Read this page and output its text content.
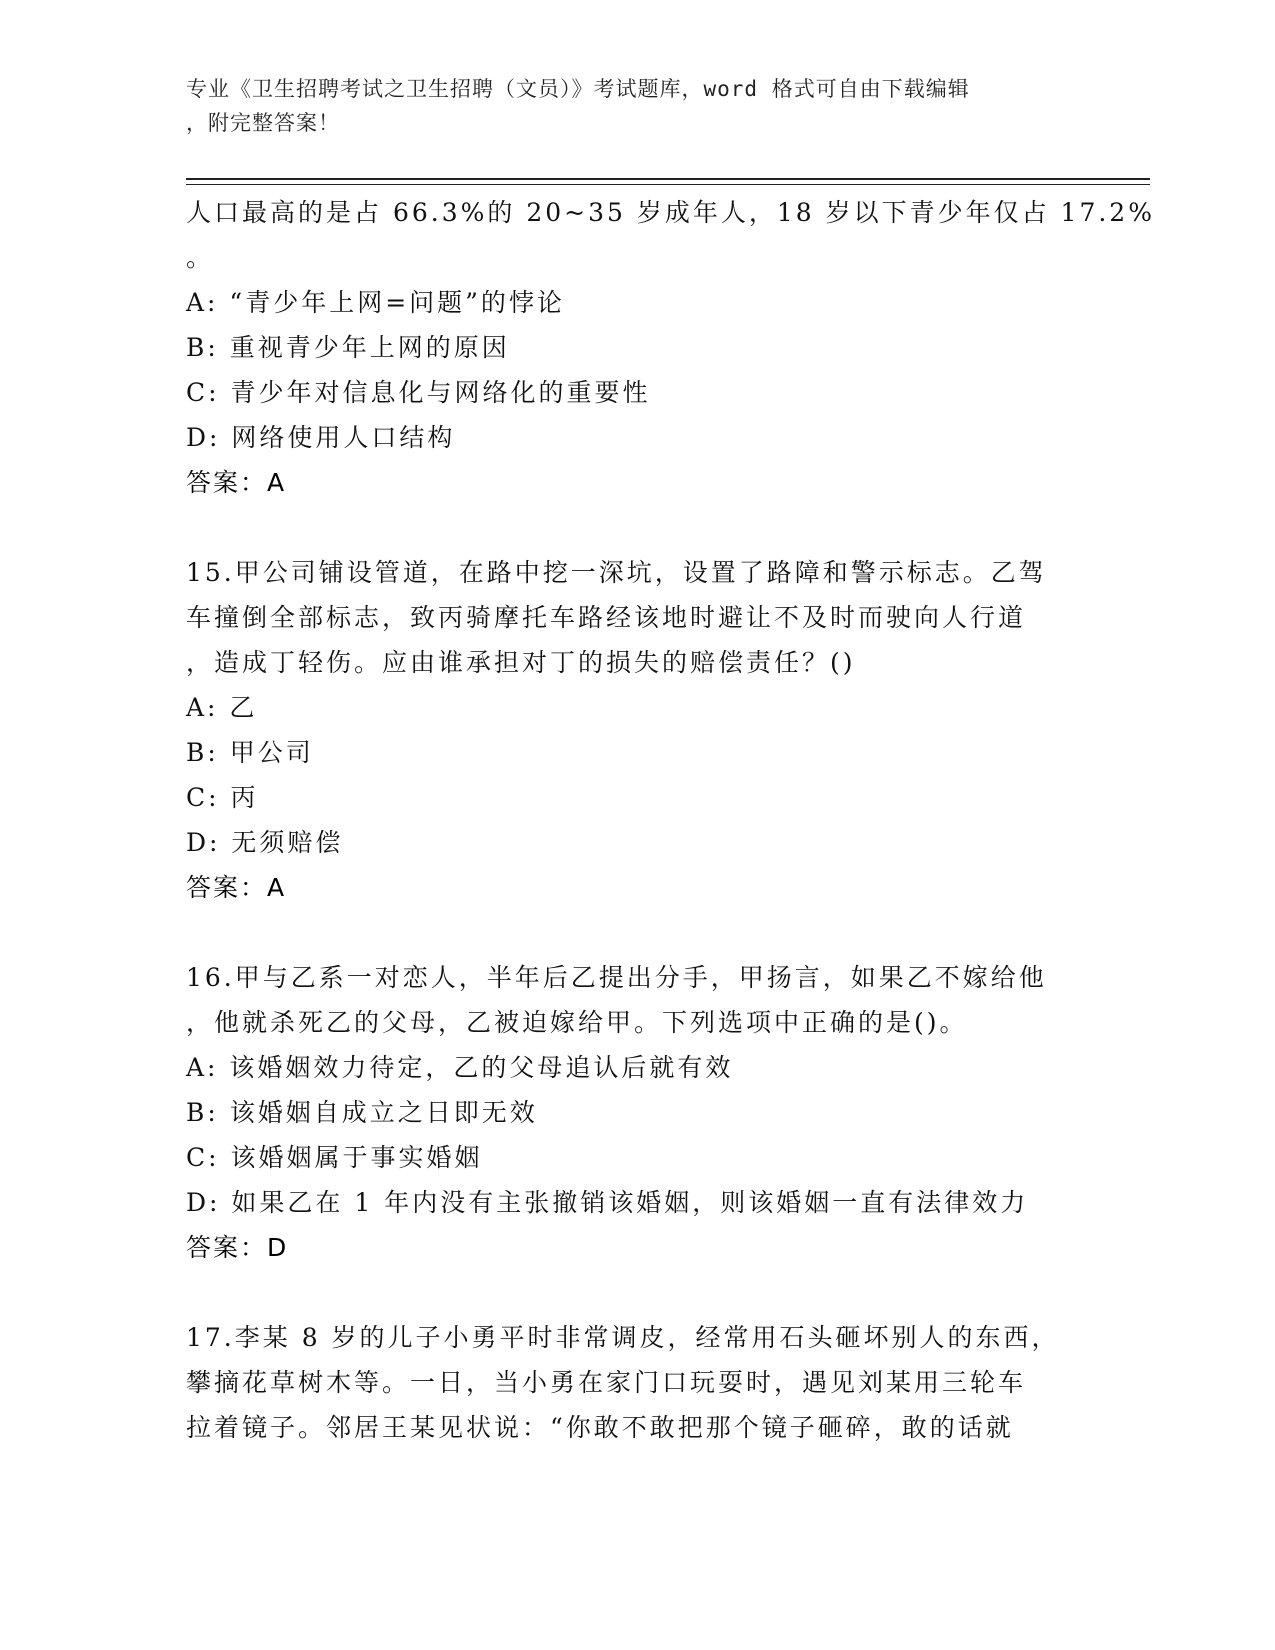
专业《卫生招聘考试之卫生招聘（文员）》考试题库，word 格式可自由下载编辑
，附完整答案！
人口最高的是占 66.3%的 20~35 岁成年人，18 岁以下青少年仅占 17.2%
。
A: “青少年上网=问题”的悖论
B: 重视青少年上网的原因
C: 青少年对信息化与网络化的重要性
D: 网络使用人口结构
答案：A
15.甲公司铺设管道，在路中挖一深坑，设置了路障和警示标志。乙驾
车撞倒全部标志，致丙骑摩托车路经该地时避让不及时而驶向人行道
，造成丁轻伤。应由谁承担对丁的损失的赔偿责任？()
A: 乙
B: 甲公司
C: 丙
D: 无须赔偿
答案：A
16.甲与乙系一对恋人，半年后乙提出分手，甲扬言，如果乙不嫁给他
，他就杀死乙的父母，乙被迫嫁给甲。下列选项中正确的是()。
A: 该婚姻效力待定，乙的父母追认后就有效
B: 该婚姻自成立之日即无效
C: 该婚姻属于事实婚姻
D: 如果乙在 1 年内没有主张撤销该婚姻，则该婚姻一直有法律效力
答案：D
17.李某 8 岁的儿子小勇平时非常调皮，经常用石头砸坏别人的东西，
攀摘花草树木等。一日，当小勇在家门口玩耍时，遇见刘某用三轮车
拉着镜子。邻居王某见状说：“你敢不敢把那个镜子砸碎，敢的话就
